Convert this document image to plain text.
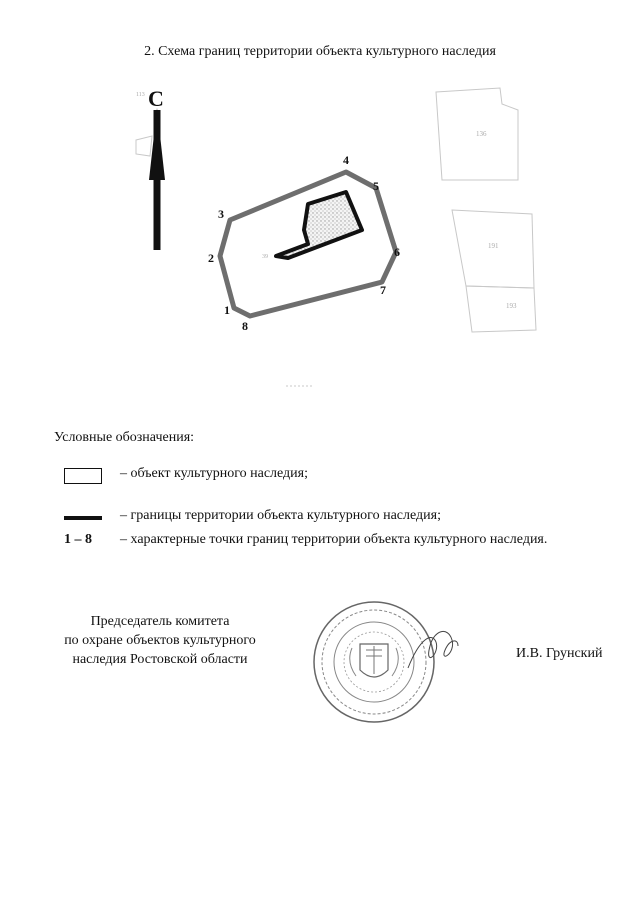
2. Схема границ территории объекта культурного наследия
113
136
191
193
С
39
1
2
3
4
5
6
7
8
Условные обозначения:
– объект культурного наследия;
– границы территории объекта культурного наследия;
1 – 8	– характерные точки границ территории объекта культурного наследия.
Председатель комитета
по охране объектов культурного
наследия Ростовской области	И.В. Грунский
